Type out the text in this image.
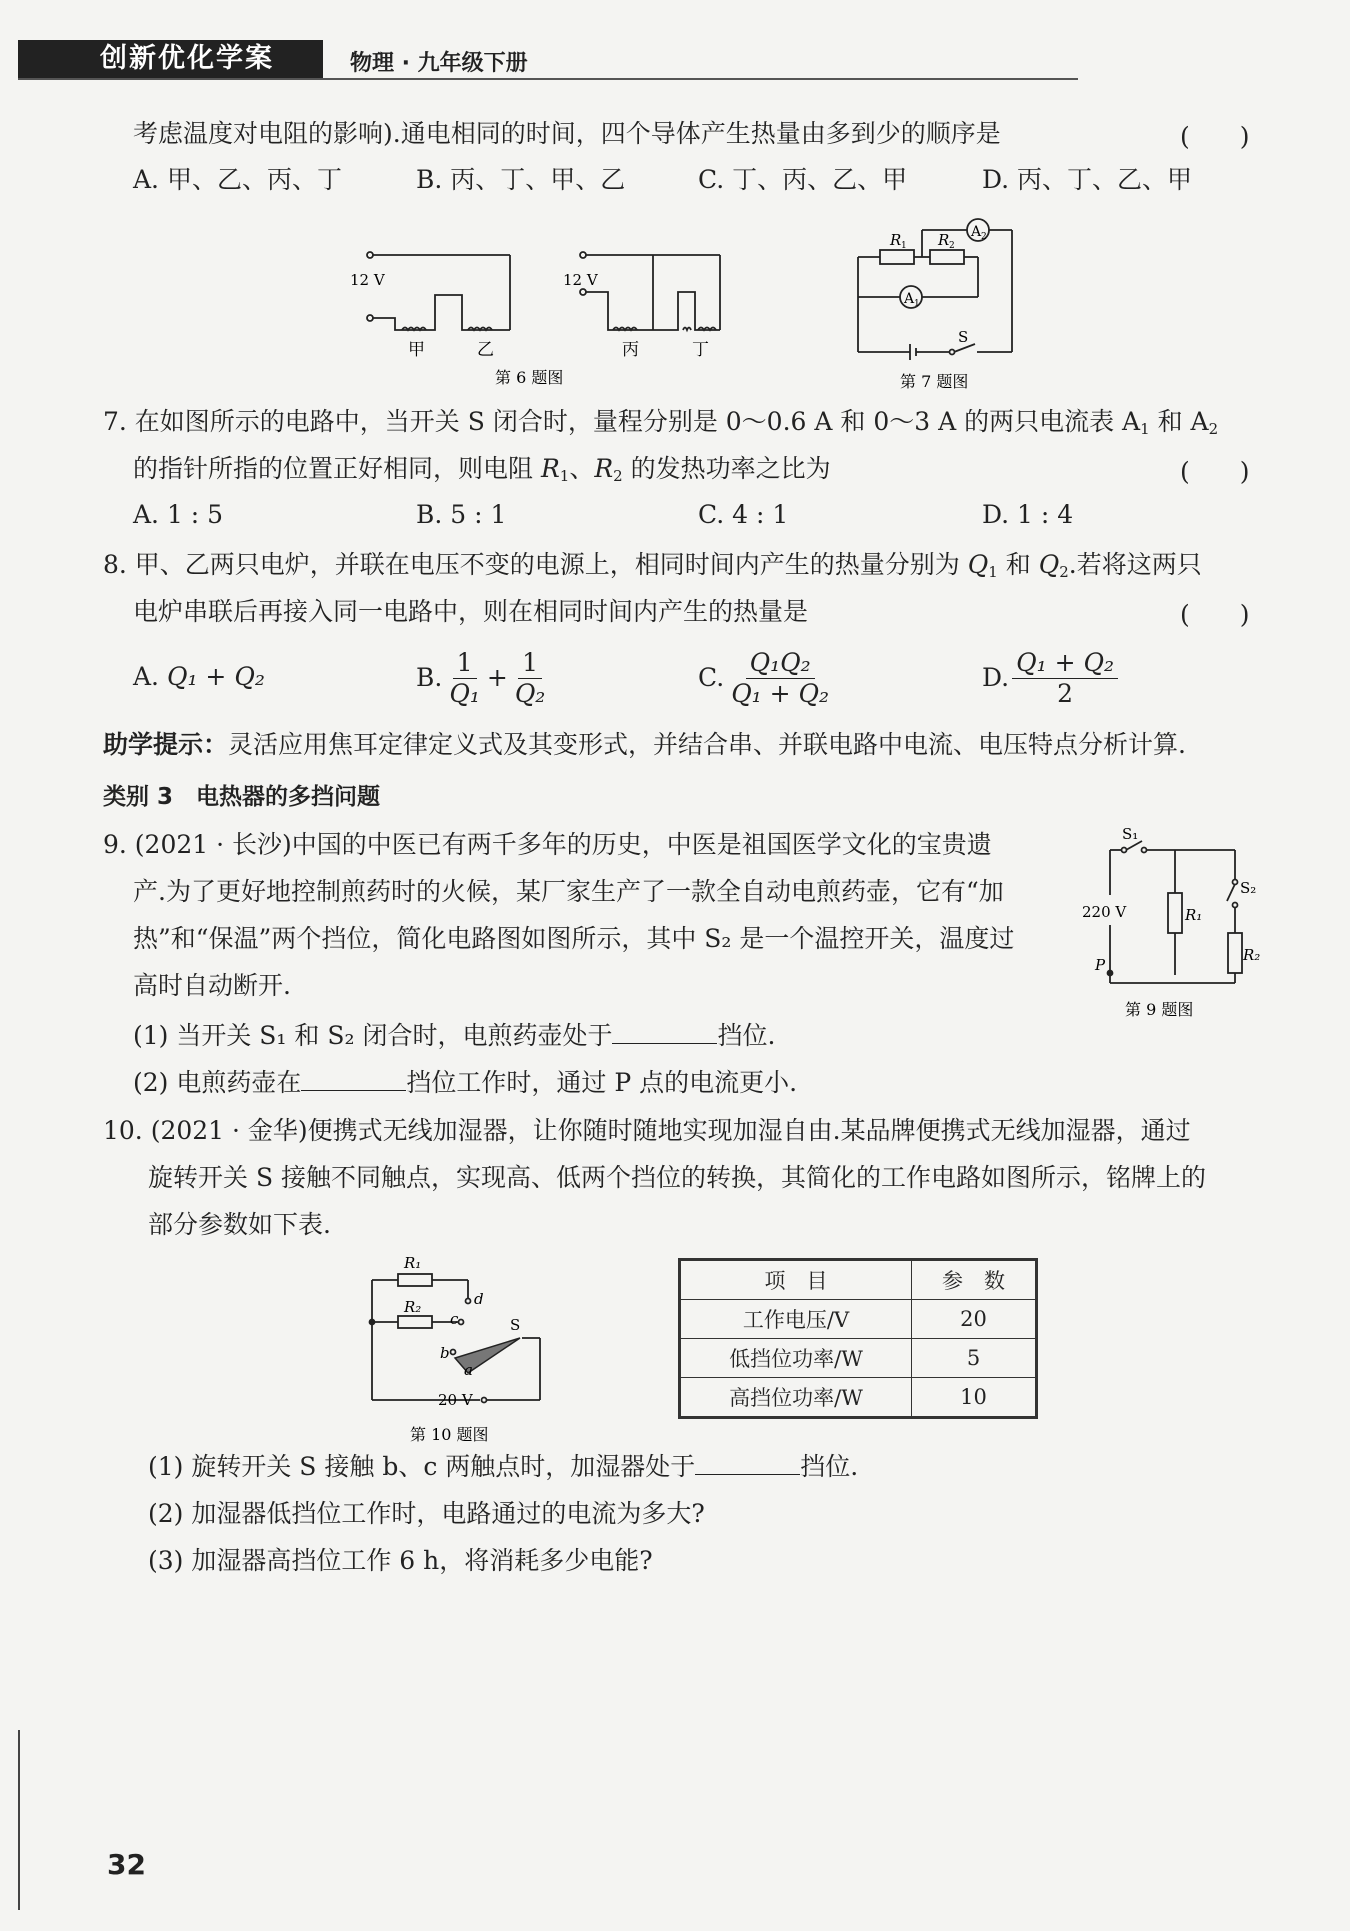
创新优化学案	物理 · 九年级下册
考虑温度对电阻的影响).通电相同的时间，四个导体产生热量由多到少的顺序是	(　　)
A. 甲、乙、丙、丁	B. 丙、丁、甲、乙	C. 丁、丙、乙、甲	D. 丙、丁、乙、甲
12 V	12 V
甲	乙	丙	丁
第 6 题图
A 2
A 1
R 1 R 2
S
第 7 题图
7. 在如图所示的电路中，当开关 S 闭合时，量程分别是 0～0.6 A 和 0～3 A 的两只电流表 $A_1$ 和 $A_2$
的指针所指的位置正好相同，则电阻 $R_1$、$R_2$ 的发热功率之比为	(　　)
A. 1 : 5	B. 5 : 1	C. 4 : 1	D. 1 : 4
8. 甲、乙两只电炉，并联在电压不变的电源上，相同时间内产生的热量分别为 $Q_1$ 和 $Q_2$.若将这两只
电炉串联后再接入同一电路中，则在相同时间内产生的热量是	(　　)
A. Q₁ + Q₂	B. $\frac{1}{\text{Q₁}} + \frac{1}{\text{Q₂}}$	C. $\frac{\text{Q₁Q₂}}{\text{Q₁ + Q₂}}$	D. $\frac{\text{Q₁ + Q₂}}{2}$
助学提示：灵活应用焦耳定律定义式及其变形式，并结合串、并联电路中电流、电压特点分析计算.
类别 3　 电热器的多挡问题
9. (2021 · 长沙)中国的中医已有两千多年的历史，中医是祖国医学文化的宝贵遗
产.为了更好地控制煎药时的火候，某厂家生产了一款全自动电煎药壶，它有“加
热”和“保温”两个挡位，简化电路图如图所示，其中 S₂ 是一个温控开关，温度过
高时自动断开.
(1) 当开关 S₁ 和 S₂ 闭合时，电煎药壶处于	挡位.
(2) 电煎药壶在	挡位工作时，通过 P 点的电流更小.
S₁
S₂
220 V	R₁
R₂
P
第 9 题图
10. (2021 · 金华)便携式无线加湿器，让你随时随地实现加湿自由.某品牌便携式无线加湿器，通过
旋转开关 S 接触不同触点，实现高、低两个挡位的转换，其简化的工作电路如图所示，铭牌上的
部分参数如下表.
R₁
R₂	d
c
b
a
S
20 V
第 10 题图
项　目	参　数
工作电压/V	20
低挡位功率/W	5
高挡位功率/W	10
(1) 旋转开关 S 接触 b、c 两触点时，加湿器处于	挡位.
(2) 加湿器低挡位工作时，电路通过的电流为多大?
(3) 加湿器高挡位工作 6 h，将消耗多少电能?
32
